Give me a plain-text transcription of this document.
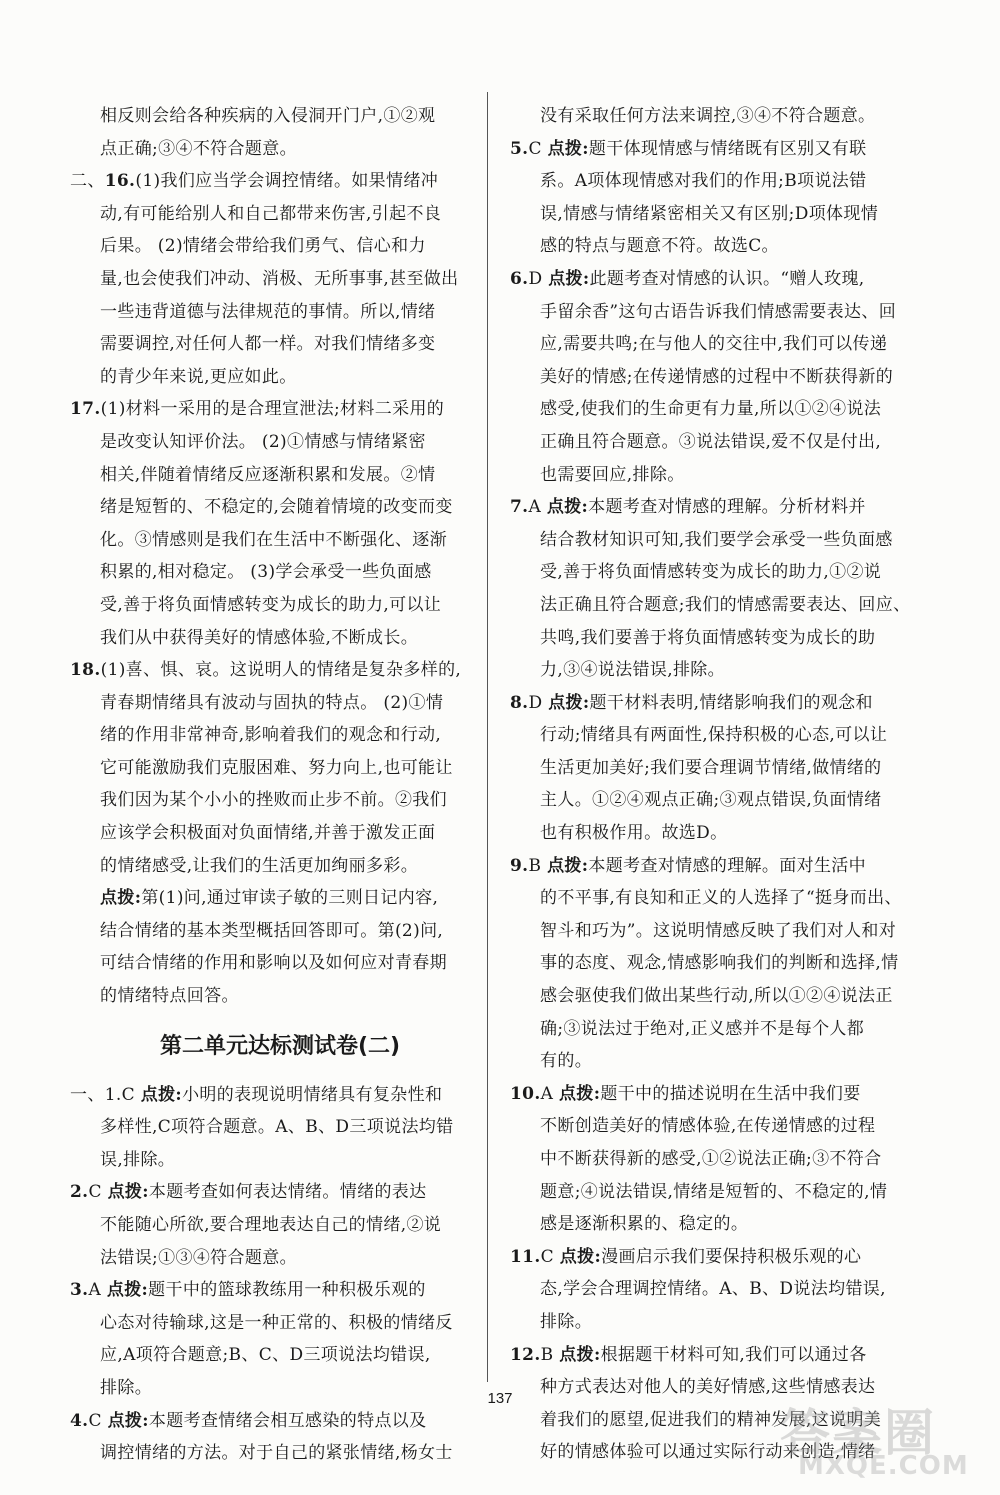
相反则会给各种疾病的入侵洞开门户,①②观
点正确;③④不符合题意。
二、16.(1)我们应当学会调控情绪。如果情绪冲
动,有可能给别人和自己都带来伤害,引起不良
后果。 (2)情绪会带给我们勇气、信心和力
量,也会使我们冲动、消极、无所事事,甚至做出
一些违背道德与法律规范的事情。所以,情绪
需要调控,对任何人都一样。对我们情绪多变
的青少年来说,更应如此。
17.(1)材料一采用的是合理宣泄法;材料二采用的
是改变认知评价法。 (2)①情感与情绪紧密
相关,伴随着情绪反应逐渐积累和发展。②情
绪是短暂的、不稳定的,会随着情境的改变而变
化。③情感则是我们在生活中不断强化、逐渐
积累的,相对稳定。 (3)学会承受一些负面感
受,善于将负面情感转变为成长的助力,可以让
我们从中获得美好的情感体验,不断成长。
18.(1)喜、惧、哀。这说明人的情绪是复杂多样的,
青春期情绪具有波动与固执的特点。 (2)①情
绪的作用非常神奇,影响着我们的观念和行动,
它可能激励我们克服困难、努力向上,也可能让
我们因为某个小小的挫败而止步不前。②我们
应该学会积极面对负面情绪,并善于激发正面
的情绪感受,让我们的生活更加绚丽多彩。
点拨:第(1)问,通过审读子敏的三则日记内容,
结合情绪的基本类型概括回答即可。第(2)问,
可结合情绪的作用和影响以及如何应对青春期
的情绪特点回答。
第二单元达标测试卷(二)
一、1.C 点拨:小明的表现说明情绪具有复杂性和
多样性,C项符合题意。A、B、D三项说法均错
误,排除。
2.C 点拨:本题考查如何表达情绪。情绪的表达
不能随心所欲,要合理地表达自己的情绪,②说
法错误;①③④符合题意。
3.A 点拨:题干中的篮球教练用一种积极乐观的
心态对待输球,这是一种正常的、积极的情绪反
应,A项符合题意;B、C、D三项说法均错误,
排除。
4.C 点拨:本题考查情绪会相互感染的特点以及
调控情绪的方法。对于自己的紧张情绪,杨女士
没有采取任何方法来调控,③④不符合题意。
5.C 点拨:题干体现情感与情绪既有区别又有联
系。A项体现情感对我们的作用;B项说法错
误,情感与情绪紧密相关又有区别;D项体现情
感的特点与题意不符。故选C。
6.D 点拨:此题考查对情感的认识。“赠人玫瑰,
手留余香”这句古语告诉我们情感需要表达、回
应,需要共鸣;在与他人的交往中,我们可以传递
美好的情感;在传递情感的过程中不断获得新的
感受,使我们的生命更有力量,所以①②④说法
正确且符合题意。③说法错误,爱不仅是付出,
也需要回应,排除。
7.A 点拨:本题考查对情感的理解。分析材料并
结合教材知识可知,我们要学会承受一些负面感
受,善于将负面情感转变为成长的助力,①②说
法正确且符合题意;我们的情感需要表达、回应、
共鸣,我们要善于将负面情感转变为成长的助
力,③④说法错误,排除。
8.D 点拨:题干材料表明,情绪影响我们的观念和
行动;情绪具有两面性,保持积极的心态,可以让
生活更加美好;我们要合理调节情绪,做情绪的
主人。①②④观点正确;③观点错误,负面情绪
也有积极作用。故选D。
9.B 点拨:本题考查对情感的理解。面对生活中
的不平事,有良知和正义的人选择了“挺身而出、
智斗和巧为”。这说明情感反映了我们对人和对
事的态度、观念,情感影响我们的判断和选择,情
感会驱使我们做出某些行动,所以①②④说法正
确;③说法过于绝对,正义感并不是每个人都
有的。
10.A 点拨:题干中的描述说明在生活中我们要
不断创造美好的情感体验,在传递情感的过程
中不断获得新的感受,①②说法正确;③不符合
题意;④说法错误,情绪是短暂的、不稳定的,情
感是逐渐积累的、稳定的。
11.C 点拨:漫画启示我们要保持积极乐观的心
态,学会合理调控情绪。A、B、D说法均错误,
排除。
12.B 点拨:根据题干材料可知,我们可以通过各
种方式表达对他人的美好情感,这些情感表达
着我们的愿望,促进我们的精神发展,这说明美
好的情感体验可以通过实际行动来创造,情绪
137
答案圈
MXQE.COM
